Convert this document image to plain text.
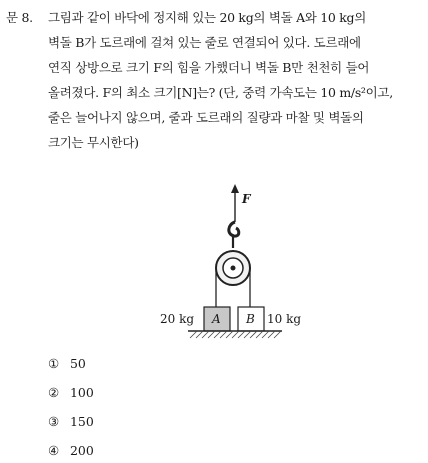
문 8. 그림과 같이 바닥에 정지해 있는 20 kg의 벽돌 A와 10 kg의
벽돌 B가 도르래에 걸쳐 있는 줄로 연결되어 있다. 도르래에
연직 상방으로 크기 F의 힘을 가했더니 벽돌 B만 천천히 들어
올려졌다. F의 최소 크기[N]는? (단, 중력 가속도는 10 m/s²이고,
줄은 늘어나지 않으며, 줄과 도르래의 질량과 마찰 및 벽돌의
크기는 무시한다)
F
A B
20 kg	10 kg
① 50
② 100
③ 150
④ 200
